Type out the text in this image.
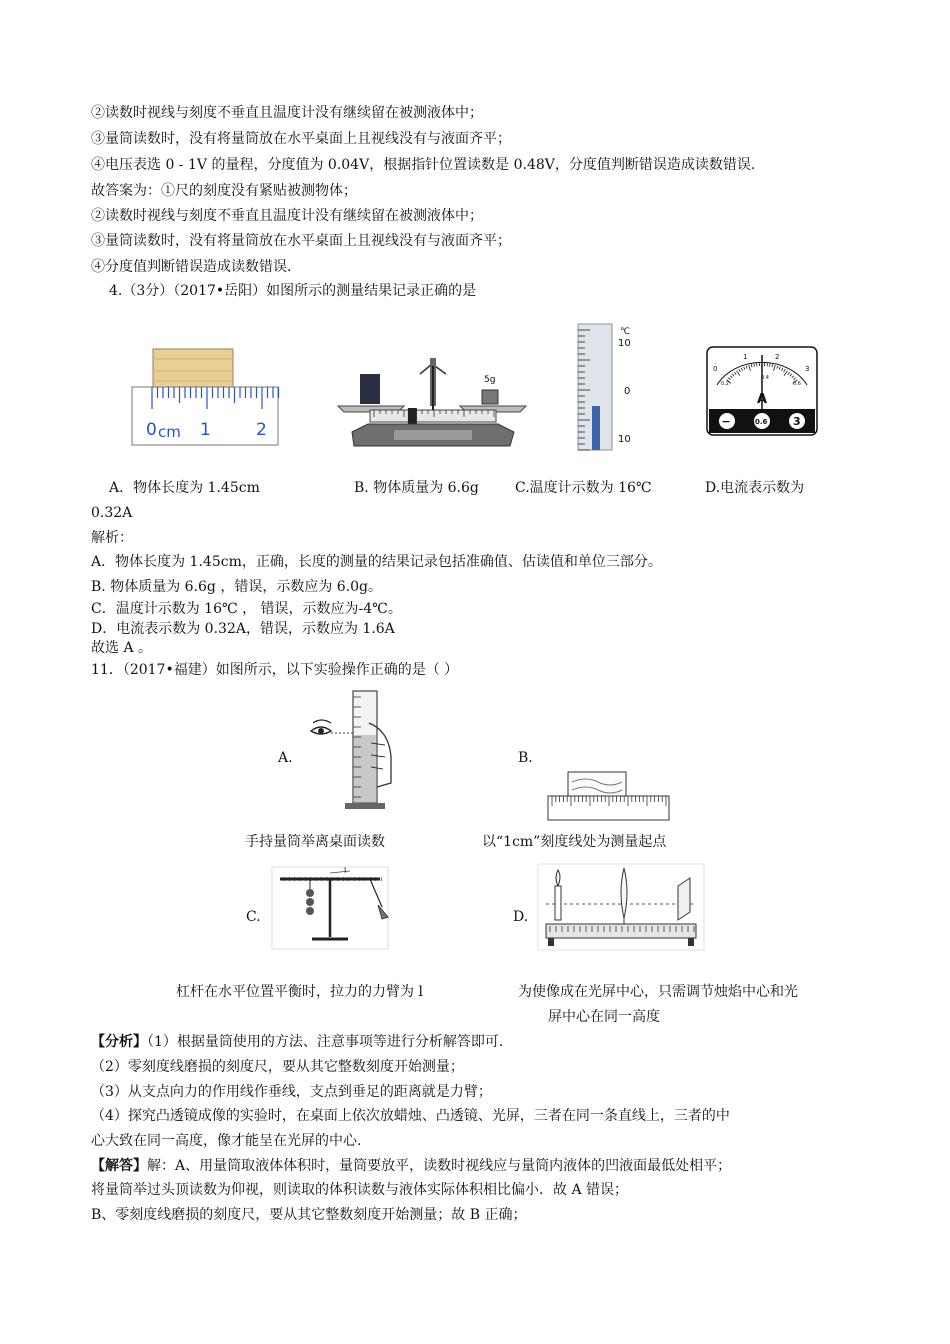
②读数时视线与刻度不垂直且温度计没有继续留在被测液体中；
③量筒读数时，没有将量筒放在水平桌面上且视线没有与液面齐平；
④电压表选 0 - 1V 的量程，分度值为 0.04V，根据指针位置读数是 0.48V，分度值判断错误造成读数错误.
故答案为：①尺的刻度没有紧贴被测物体；
②读数时视线与刻度不垂直且温度计没有继续留在被测液体中；
③量筒读数时，没有将量筒放在水平桌面上且视线没有与液面齐平；
④分度值判断错误造成读数错误.
4.（3分）（2017•岳阳）如图所示的测量结果记录正确的是
0 cm 1	2
5g
℃
10
0
10
0
1	2
3
0.2
0.4
0.6
A
−	0.6 3
A．物体长度为 1.45cm	B. 物体质量为 6.6g	C.温度计示数为 16℃	D.电流表示数为
0.32A
解析：
A．物体长度为 1.45cm，正确，长度的测量的结果记录包括准确值、估读值和单位三部分。
B. 物体质量为 6.6g ，错误，示数应为 6.0g。
C．温度计示数为 16℃ ， 错误，示数应为-4℃。
D．电流表示数为 0.32A，错误，示数应为 1.6A
故选 A 。
11．（2017•福建）如图所示，以下实验操作正确的是（ ）
A.	B.
手持量筒举离桌面读数	以“1cm”刻度线处为测量起点
C.
l
D.
杠杆在水平位置平衡时，拉力的力臂为 l	为使像成在光屏中心，只需调节烛焰中心和光
屏中心在同一高度
【分析】（1）根据量筒使用的方法、注意事项等进行分析解答即可.
（2）零刻度线磨损的刻度尺，要从其它整数刻度开始测量；
（3）从支点向力的作用线作垂线，支点到垂足的距离就是力臂；
（4）探究凸透镜成像的实验时，在桌面上依次放蜡烛、凸透镜、光屏，三者在同一条直线上，三者的中
心大致在同一高度，像才能呈在光屏的中心.
【解答】解：A、用量筒取液体体积时，量筒要放平，读数时视线应与量筒内液体的凹液面最低处相平；
将量筒举过头顶读数为仰视，则读取的体积读数与液体实际体积相比偏小．故 A 错误；
B、零刻度线磨损的刻度尺，要从其它整数刻度开始测量；故 B 正确；
